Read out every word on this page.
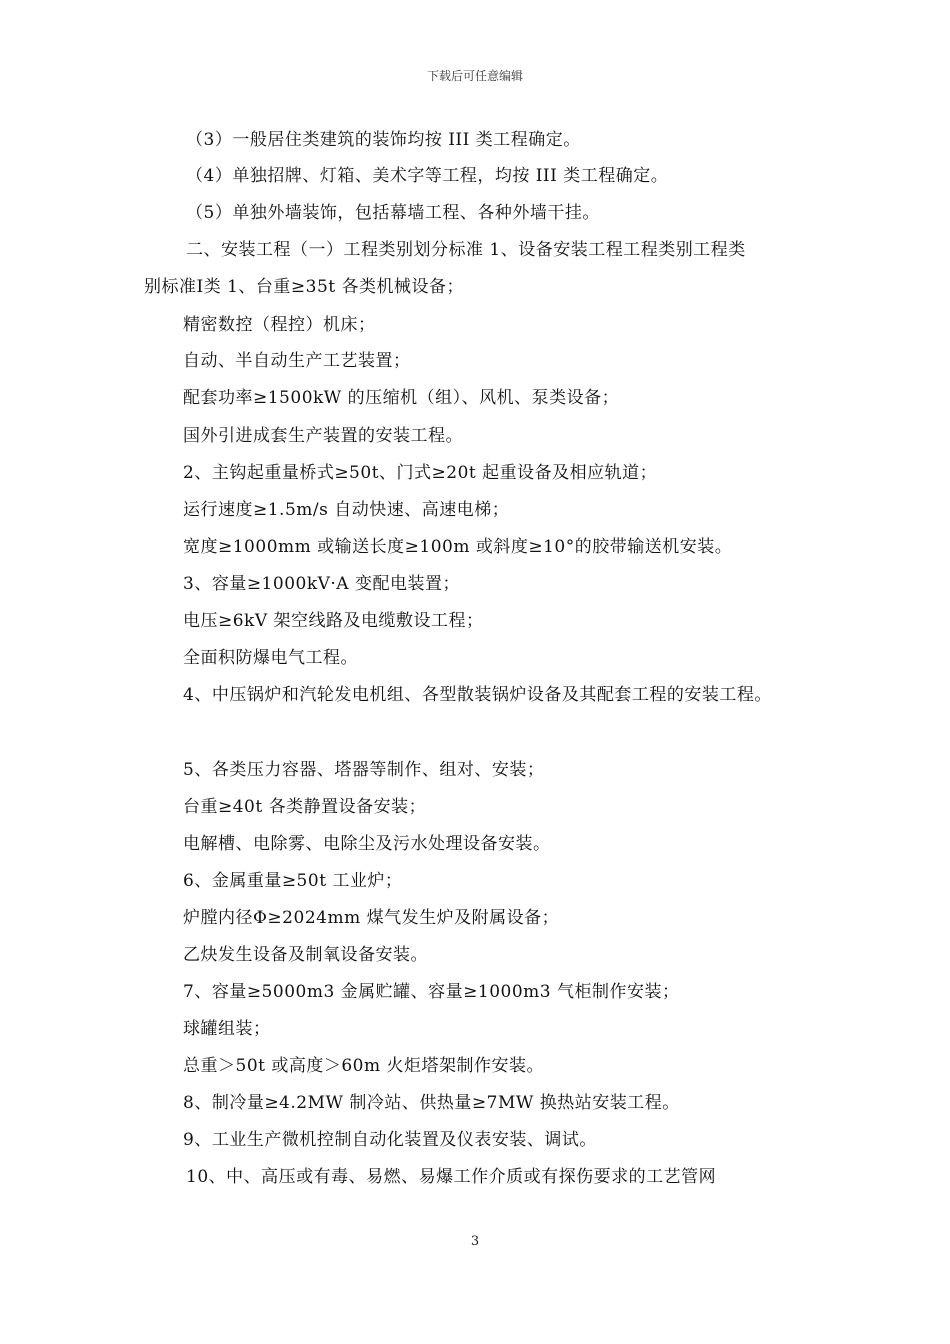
下载后可任意编辑
（3）一般居住类建筑的装饰均按 III 类工程确定。
（4）单独招牌、灯箱、美术字等工程，均按 III 类工程确定。
（5）单独外墙装饰，包括幕墙工程、各种外墙干挂。
二、安装工程（一）工程类别划分标准 1、设备安装工程工程类别工程类
别标准Ⅰ类 1、台重≥35t 各类机械设备；
精密数控（程控）机床；
自动、半自动生产工艺装置；
配套功率≥1500kW 的压缩机（组）、风机、泵类设备；
国外引进成套生产装置的安装工程。
2、主钩起重量桥式≥50t、门式≥20t 起重设备及相应轨道；
运行速度≥1.5m/s 自动快速、高速电梯；
宽度≥1000mm 或输送长度≥100m 或斜度≥10°的胶带输送机安装。
3、容量≥1000kV·A 变配电装置；
电压≥6kV 架空线路及电缆敷设工程；
全面积防爆电气工程。
4、中压锅炉和汽轮发电机组、各型散装锅炉设备及其配套工程的安装工程。
5、各类压力容器、塔器等制作、组对、安装；
台重≥40t 各类静置设备安装；
电解槽、电除雾、电除尘及污水处理设备安装。
6、金属重量≥50t 工业炉；
炉膛内径Φ≥2024mm 煤气发生炉及附属设备；
乙炔发生设备及制氧设备安装。
7、容量≥5000m3 金属贮罐、容量≥1000m3 气柜制作安装；
球罐组装；
总重＞50t 或高度＞60m 火炬塔架制作安装。
8、制冷量≥4.2MW 制冷站、供热量≥7MW 换热站安装工程。
9、工业生产微机控制自动化装置及仪表安装、调试。
10、中、高压或有毒、易燃、易爆工作介质或有探伤要求的工艺管网
3
